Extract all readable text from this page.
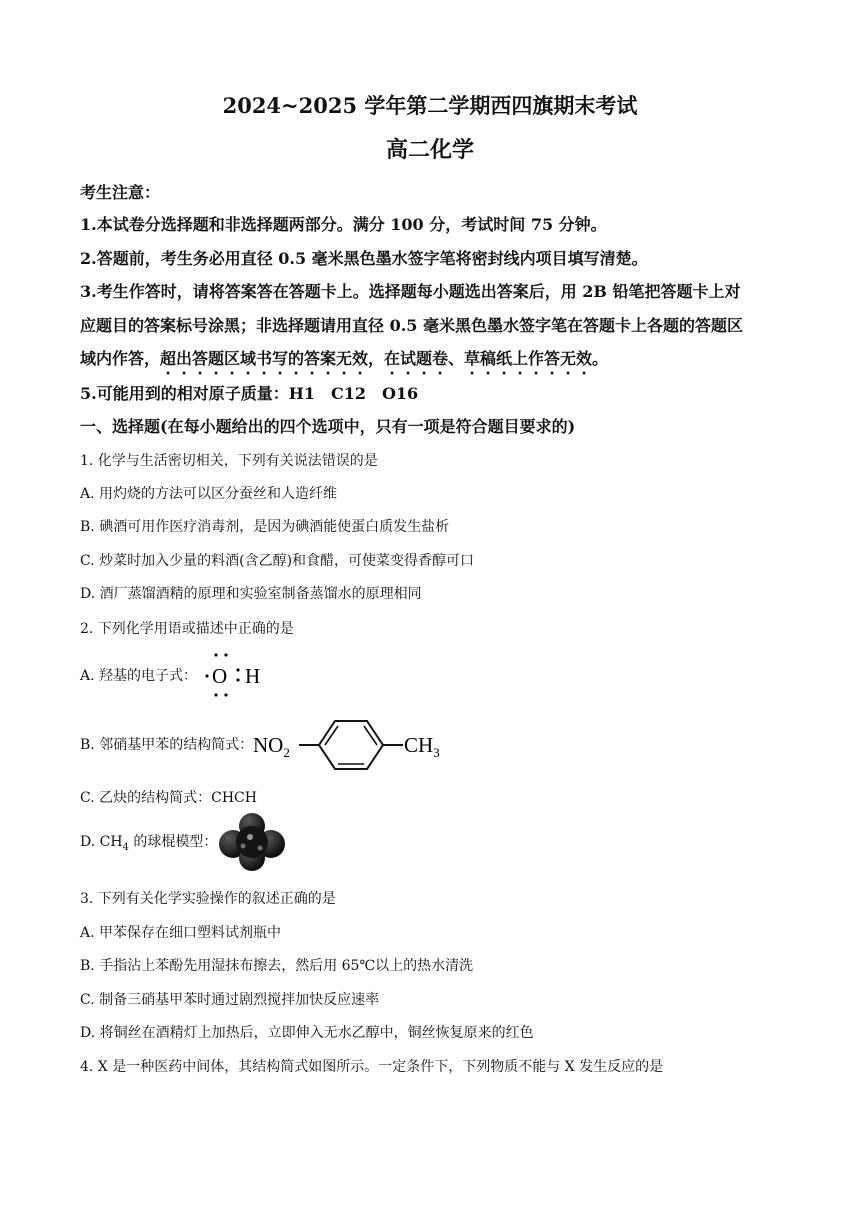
2024~2025 学年第二学期西四旗期末考试
高二化学
考生注意：
1.本试卷分选择题和非选择题两部分。满分 100 分，考试时间 75 分钟。
2.答题前，考生务必用直径 0.5 毫米黑色墨水签字笔将密封线内项目填写清楚。
3.考生作答时，请将答案答在答题卡上。选择题每小题选出答案后，用 2B 铅笔把答题卡上对
应题目的答案标号涂黑；非选择题请用直径 0.5 毫米黑色墨水签字笔在答题卡上各题的答题区
域内作答，超出答题区域书写的答案无效，在试题卷、草稿纸上作答无效。
5.可能用到的相对原子质量：H1　C12　O16
一、选择题(在每小题给出的四个选项中，只有一项是符合题目要求的)
1. 化学与生活密切相关，下列有关说法错误的是
A. 用灼烧的方法可以区分蚕丝和人造纤维
B. 碘酒可用作医疗消毒剂，是因为碘酒能使蛋白质发生盐析
C. 炒菜时加入少量的料酒(含乙醇)和食醋，可使菜变得香醇可口
D. 酒厂蒸馏酒精的原理和实验室制备蒸馏水的原理相同
2. 下列化学用语或描述中正确的是
A. 羟基的电子式： O H
B. 邻硝基甲苯的结构简式： $NO_2$	$CH_3$
C. 乙炔的结构简式：CHCH
D. $CH_4$ 的球棍模型：
3. 下列有关化学实验操作的叙述正确的是
A. 甲苯保存在细口塑料试剂瓶中
B. 手指沾上苯酚先用湿抹布擦去，然后用 65℃以上的热水清洗
C. 制备三硝基甲苯时通过剧烈搅拌加快反应速率
D. 将铜丝在酒精灯上加热后，立即伸入无水乙醇中，铜丝恢复原来的红色
4. X 是一种医药中间体，其结构简式如图所示。一定条件下，下列物质不能与 X 发生反应的是
